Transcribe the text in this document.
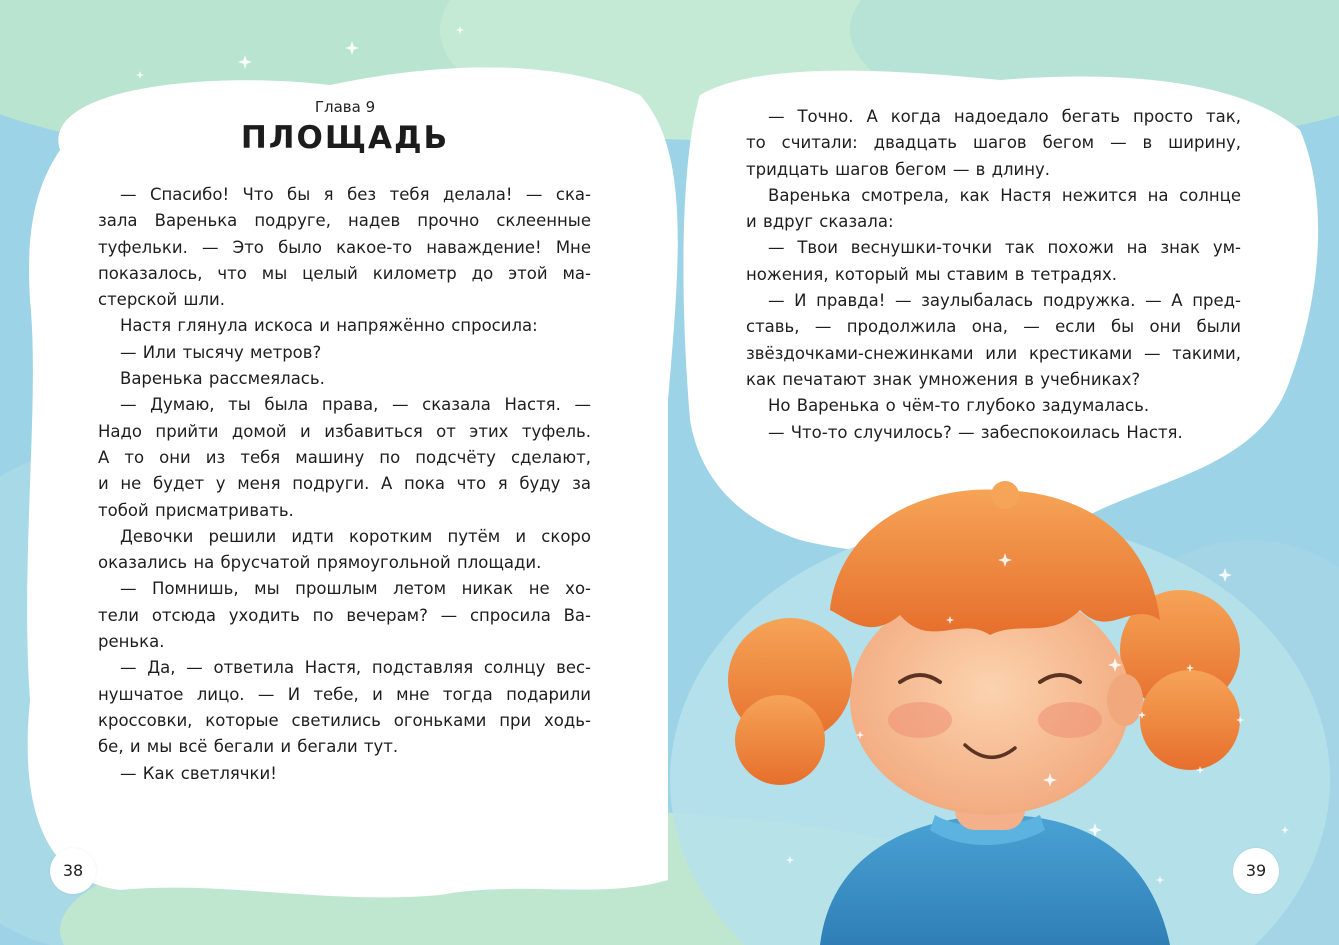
Глава 9
ПЛОЩАДЬ
— Спасибо! Что бы я без тебя делала! — ска-
зала Варенька подруге, надев прочно склеенные
туфельки. — Это было какое-то наваждение! Мне
показалось, что мы целый километр до этой ма-
стерской шли.
Настя глянула искоса и напряжённо спросила:
— Или тысячу метров?
Варенька рассмеялась.
— Думаю, ты была права, — сказала Настя. —
Надо прийти домой и избавиться от этих туфель.
А то они из тебя машину по подсчёту сделают,
и не будет у меня подруги. А пока что я буду за
тобой присматривать.
Девочки решили идти коротким путём и скоро
оказались на брусчатой прямоугольной площади.
— Помнишь, мы прошлым летом никак не хо-
тели отсюда уходить по вечерам? — спросила Ва-
ренька.
— Да, — ответила Настя, подставляя солнцу вес-
нушчатое лицо. — И тебе, и мне тогда подарили
кроссовки, которые светились огоньками при ходь-
бе, и мы всё бегали и бегали тут.
— Как светлячки!
38
— Точно. А когда надоедало бегать просто так,
то считали: двадцать шагов бегом — в ширину,
тридцать шагов бегом — в длину.
Варенька смотрела, как Настя нежится на солнце
и вдруг сказала:
— Твои веснушки-точки так похожи на знак ум-
ножения, который мы ставим в тетрадях.
— И правда! — заулыбалась подружка. — А пред-
ставь, — продолжила она, — если бы они были
звёздочками-снежинками или крестиками — такими,
как печатают знак умножения в учебниках?
Но Варенька о чём-то глубоко задумалась.
— Что-то случилось? — забеспокоилась Настя.
39
